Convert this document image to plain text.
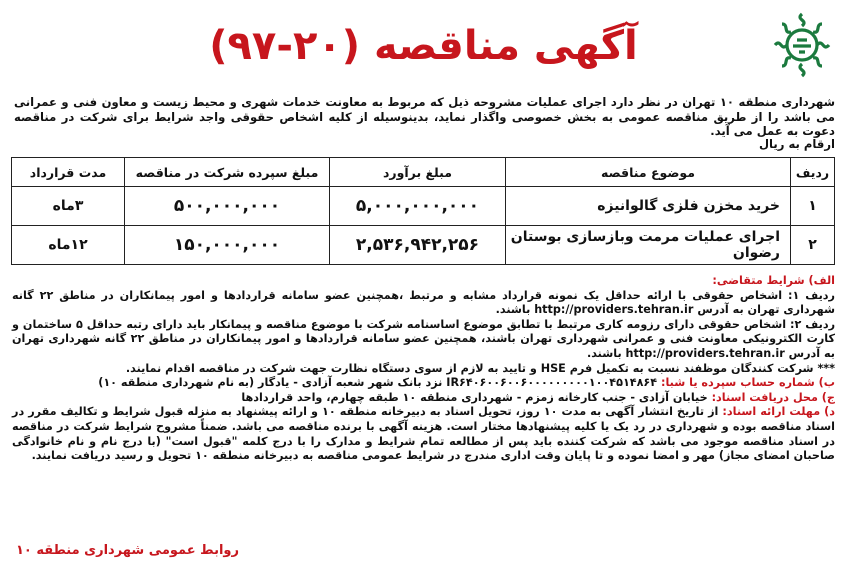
آگهی مناقصه (۲۰-۹۷)
شهرداری منطقه ۱۰ تهران در نظر دارد اجرای عملیات مشروحه ذیل که مربوط به معاونت خدمات شهری و محیط زیست و معاون فنی و عمرانی می باشد را از طریق مناقصه عمومی به بخش خصوصی واگذار نماید، بدینوسیله از کلیه اشخاص حقوقی واجد شرایط برای شرکت در مناقصه دعوت به عمل می آید.
ارقام به ریال
ردیف	موضوع مناقصه	مبلغ برآورد	مبلغ سپرده شرکت در مناقصه	مدت قرارداد
۱	خرید مخزن فلزی گالوانیزه	۵,۰۰۰,۰۰۰,۰۰۰	۵۰۰,۰۰۰,۰۰۰	۳ماه
۲	اجرای عملیات مرمت وبازسازی بوستان رضوان	۲,۵۳۶,۹۴۲,۲۵۶	۱۵۰,۰۰۰,۰۰۰	۱۲ماه

الف) شرایط متقاضی:

ردیف ۱: اشخاص حقوقی با ارائه حداقل یک نمونه قرارداد مشابه و مرتبط ،همچنین عضو سامانه قراردادها و امور پیمانکاران در مناطق ۲۲ گانه شهرداری تهران به آدرس http://providers.tehran.ir باشند.

ردیف ۲: اشخاص حقوقی دارای رزومه کاری مرتبط با تطابق موضوع اساسنامه شرکت با موضوع مناقصه و پیمانکار باید دارای رتبه حداقل ۵ ساختمان و کارت الکترونیکی معاونت فنی و عمرانی شهرداری تهران باشند، همچنین عضو سامانه قراردادها و امور پیمانکاران در مناطق ۲۲ گانه شهرداری تهران به آدرس http://providers.tehran.ir باشند.

*** شرکت کنندگان موظفند نسبت به تکمیل فرم HSE و تایید به لازم از سوی دستگاه نظارت جهت شرکت در مناقصه اقدام نمایند.

ب) شماره حساب سپرده یا شبا: IR۶۴۰۶۰۰۶۰۰۶۰۰۰۰۰۰۰۰۰۱۰۰۴۵۱۴۸۶۴ نزد بانک شهر شعبه آزادی - یادگار (به نام شهرداری منطقه ۱۰)

ج) محل دریافت اسناد: خیابان آزادی - جنب کارخانه زمزم - شهرداری منطقه ۱۰ طبقه چهارم، واحد قراردادها

د) مهلت ارائه اسناد: از تاریخ انتشار آگهی به مدت ۱۰ روز، تحویل اسناد به دبیرخانه منطقه ۱۰ و ارائه پیشنهاد به منزله قبول شرایط و تکالیف مقرر در اسناد مناقصه بوده و شهرداری در رد یک یا کلیه پیشنهادها مختار است. هزینه آگهی با برنده مناقصه می باشد. ضمناً مشروح شرایط شرکت در مناقصه در اسناد مناقصه موجود می باشد که شرکت کننده باید پس از مطالعه تمام شرایط و مدارک را با درج کلمه "قبول است" (با درج نام و نام خانوادگی صاحبان امضای مجاز) مهر و امضا نموده و تا پایان وقت اداری مندرج در شرایط عمومی مناقصه به دبیرخانه منطقه ۱۰ تحویل و رسید دریافت نمایند.

روابط عمومی شهرداری منطقه ۱۰
